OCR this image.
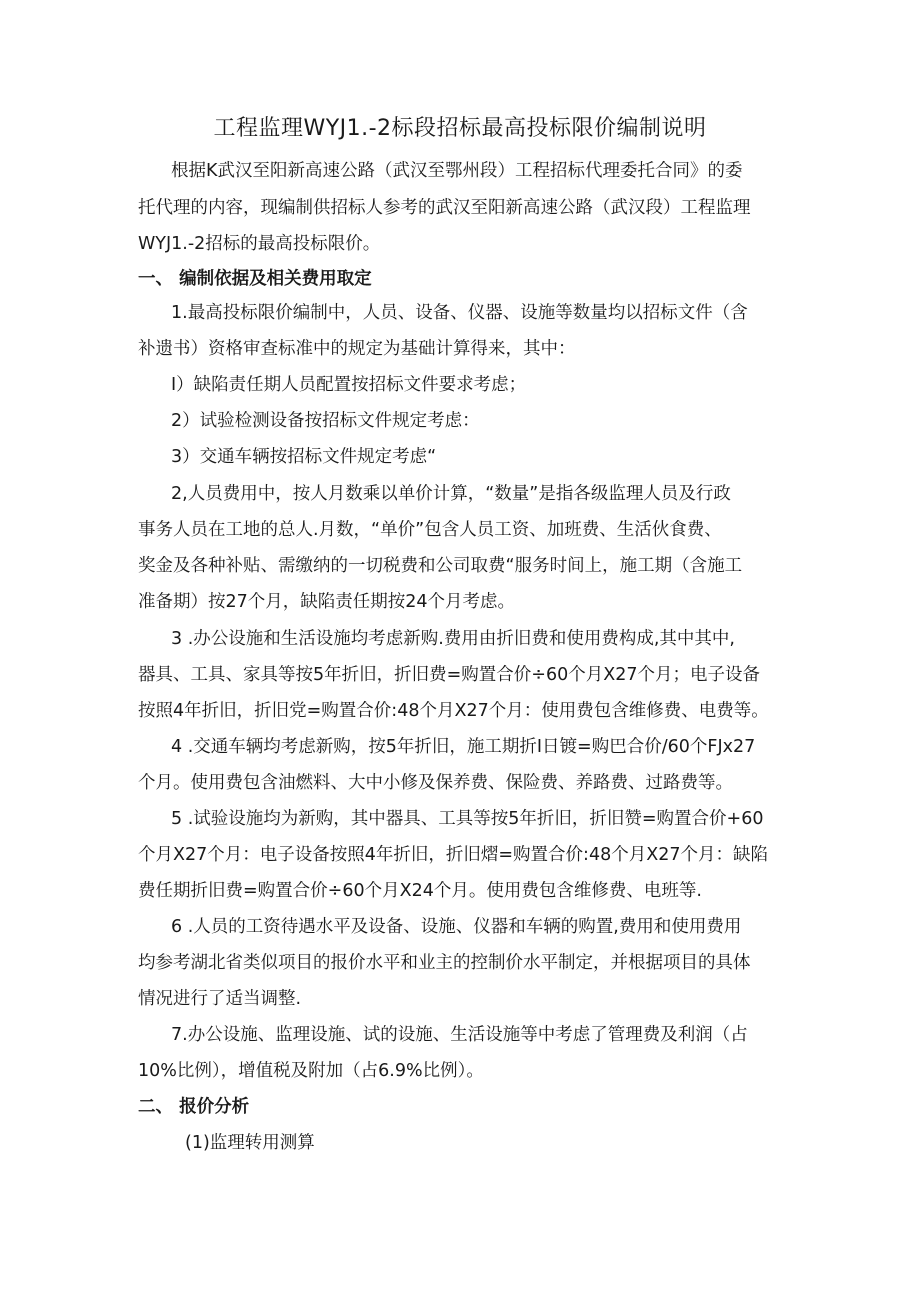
工程监理WYJ1.-2标段招标最高投标限价编制说明
根据K武汉至阳新高速公路（武汉至鄂州段）工程招标代理委托合同》的委
托代理的内容，现编制供招标人参考的武汉至阳新高速公路（武汉段）工程监理
WYJ1.-2招标的最高投标限价。
一、 编制依据及相关费用取定
1.最高投标限价编制中，人员、设备、仪器、设施等数量均以招标文件（含
补遗书）资格审查标准中的规定为基础计算得来，其中：
I）缺陷责任期人员配置按招标文件要求考虑；
2）试验检测设备按招标文件规定考虑：
3）交通车辆按招标文件规定考虑“
2,人员费用中，按人月数乘以单价计算，“数量”是指各级监理人员及行政
事务人员在工地的总人.月数，“单价”包含人员工资、加班费、生活伙食费、
奖金及各种补贴、需缴纳的一切税费和公司取费“服务时间上，施工期（含施工
准备期）按27个月，缺陷责任期按24个月考虑。
3 .办公设施和生活设施均考虑新购.费用由折旧费和使用费构成,其中其中,
器具、工具、家具等按5年折旧，折旧费=购置合价÷60个月X27个月；电子设备
按照4年折旧，折旧党=购置合价:48个月X27个月：使用费包含维修费、电费等。
4 .交通车辆均考虑新购，按5年折旧，施工期折I日镀=购巴合价/60个FJx27
个月。使用费包含油燃料、大中小修及保养费、保险费、养路费、过路费等。
5 .试验设施均为新购，其中器具、工具等按5年折旧，折旧赞=购置合价+60
个月X27个月：电子设备按照4年折旧，折旧熠=购置合价:48个月X27个月：缺陷
费任期折旧费=购置合价÷60个月X24个月。使用费包含维修费、电班等.
6 .人员的工资待遇水平及设备、设施、仪器和车辆的购置,费用和使用费用
均参考湖北省类似项目的报价水平和业主的控制价水平制定，并根据项目的具体
情况进行了适当调整.
7.办公设施、监理设施、试的设施、生活设施等中考虑了管理费及利润（占
10%比例），增值税及附加（占6.9%比例）。
二、 报价分析
(1)监理转用测算
